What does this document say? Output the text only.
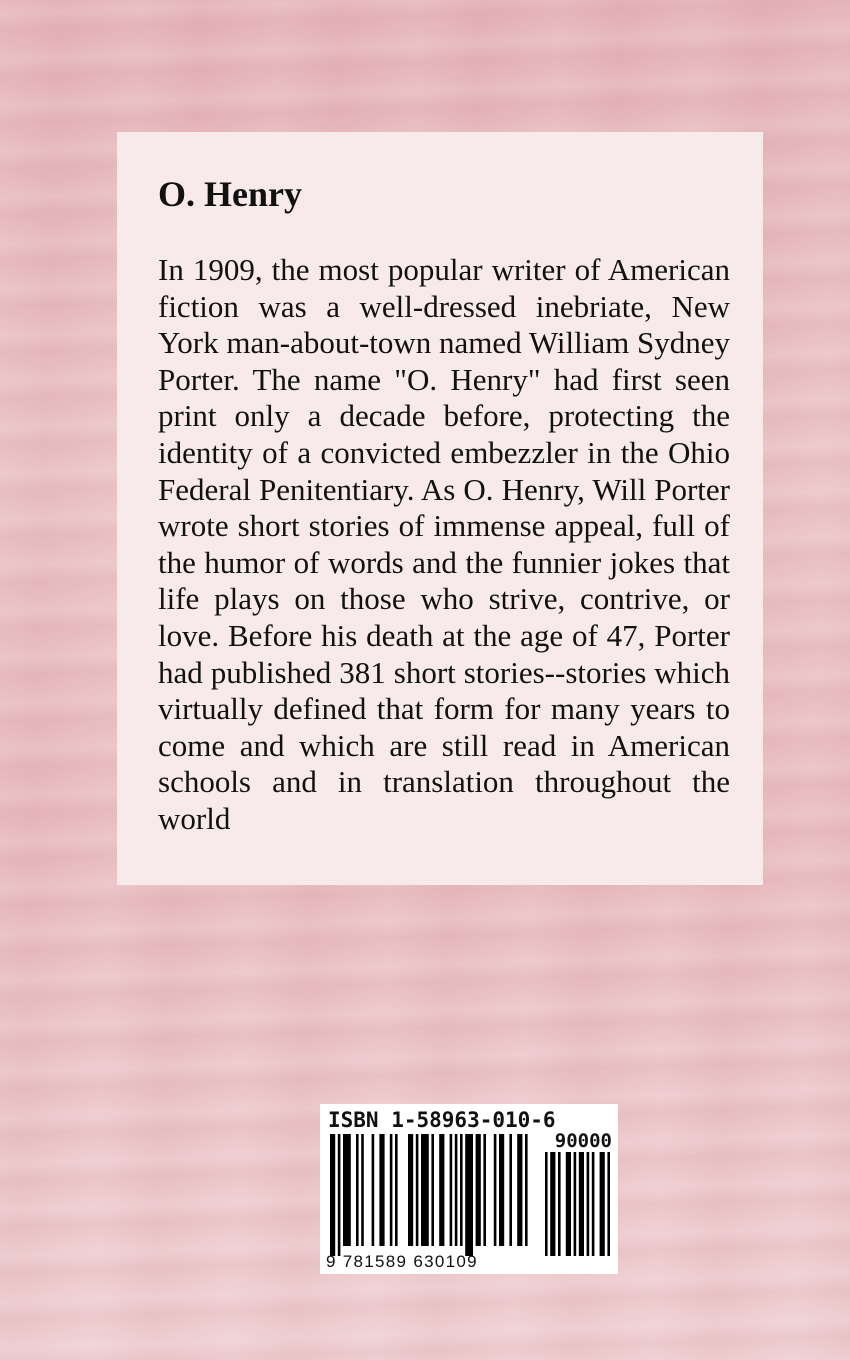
O. Henry
In 1909, the most popular writer of American fiction was a well-dressed inebriate, New York man-about-town named William Sydney Porter. The name "O. Henry" had first seen print only a decade before, protecting the identity of a convicted embezzler in the Ohio Federal Penitentiary. As O. Henry, Will Porter wrote short stories of immense appeal, full of the humor of words and the funnier jokes that life plays on those who strive, contrive, or love. Before his death at the age of 47, Porter had published 381 short stories--stories which virtually defined that form for many years to come and which are still read in American schools and in translation throughout the world
ISBN 1-58963-010-6
90000
9 781589 630109
